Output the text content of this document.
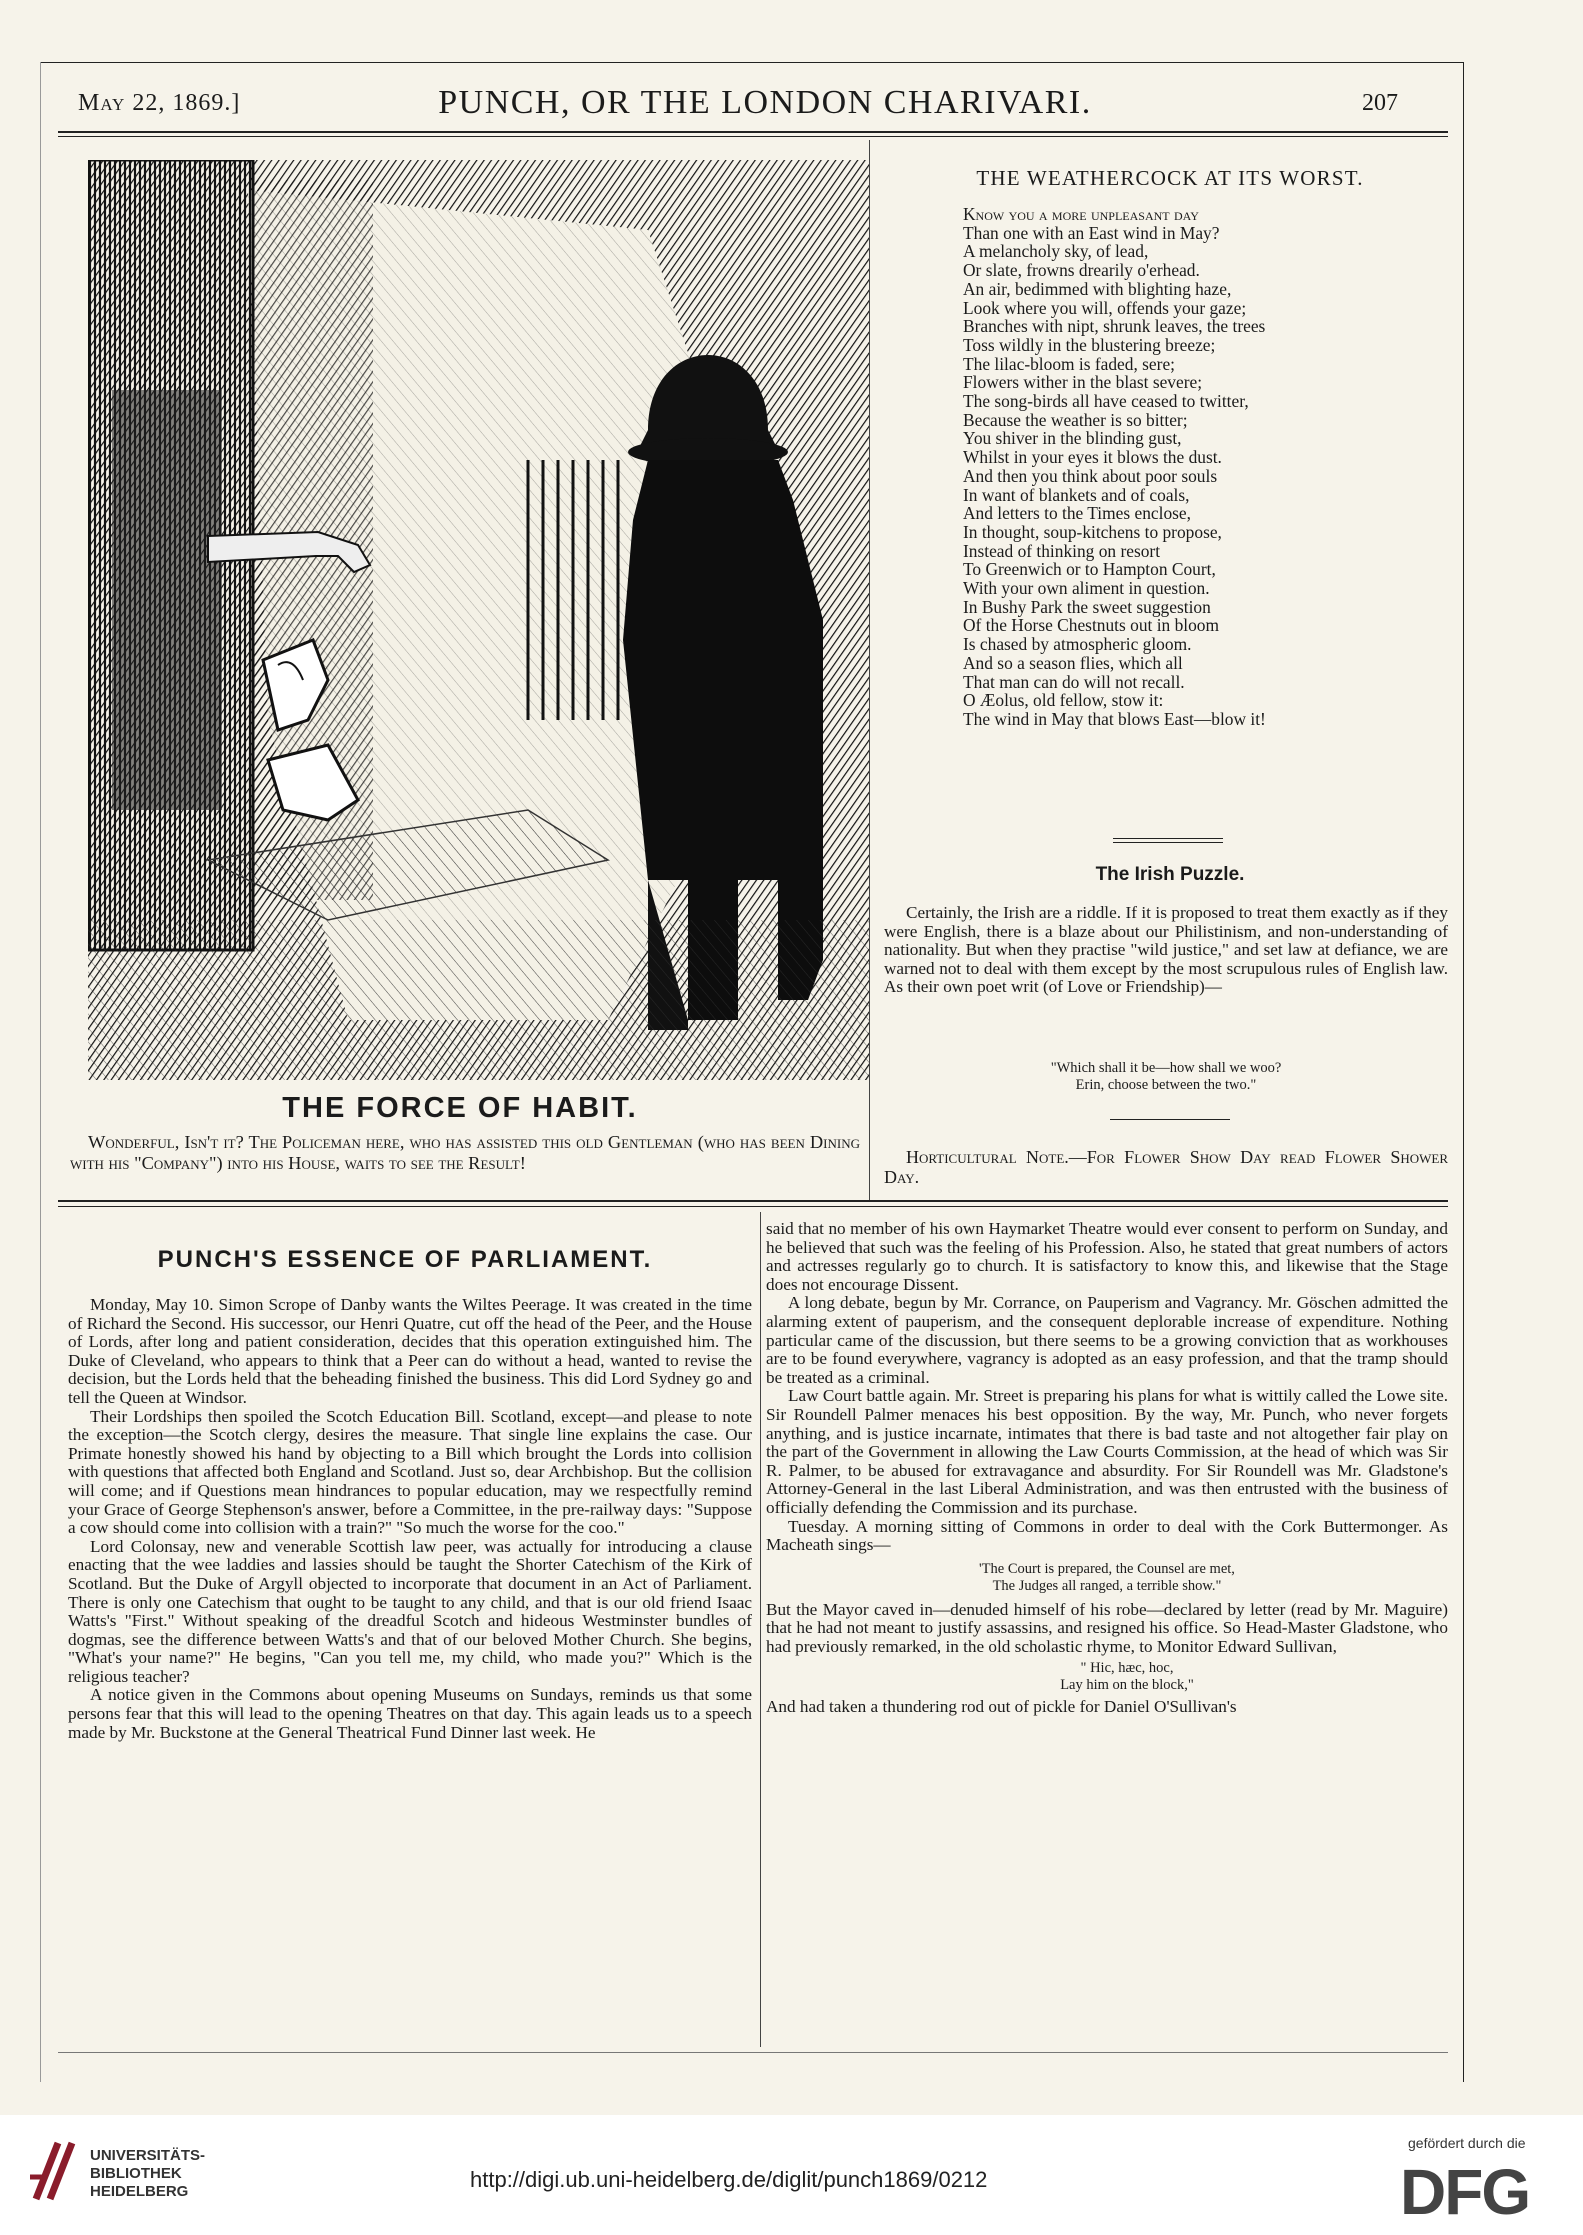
May 22, 1869.]	PUNCH, OR THE LONDON CHARIVARI.	207
THE FORCE OF HABIT.
Wonderful, Isn't it? The Policeman here, who has assisted this old Gentleman (who has been Dining with his "Company") into his House, waits to see the Result!
THE WEATHERCOCK AT ITS WORST.
Know you a more unpleasant day
Than one with an East wind in May?
A melancholy sky, of lead,
Or slate, frowns drearily o'erhead.
An air, bedimmed with blighting haze,
Look where you will, offends your gaze;
Branches with nipt, shrunk leaves, the trees
Toss wildly in the blustering breeze;
The lilac-bloom is faded, sere;
Flowers wither in the blast severe;
The song-birds all have ceased to twitter,
Because the weather is so bitter;
You shiver in the blinding gust,
Whilst in your eyes it blows the dust.
And then you think about poor souls
In want of blankets and of coals,
And letters to the Times enclose,
In thought, soup-kitchens to propose,
Instead of thinking on resort
To Greenwich or to Hampton Court,
With your own aliment in question.
In Bushy Park the sweet suggestion
Of the Horse Chestnuts out in bloom
Is chased by atmospheric gloom.
And so a season flies, which all
That man can do will not recall.
O Æolus, old fellow, stow it:
The wind in May that blows East—blow it!
The Irish Puzzle.

Certainly, the Irish are a riddle. If it is proposed to treat them exactly as if they were English, there is a blaze about our Philistinism, and non-understanding of nationality. But when they practise "wild justice," and set law at defiance, we are warned not to deal with them except by the most scrupulous rules of English law. As their own poet writ (of Love or Friendship)—

"Which shall it be—how shall we woo?
Erin, choose between the two."

Horticultural Note.—For Flower Show Day read Flower Shower Day.

PUNCH'S ESSENCE OF PARLIAMENT.

Monday, May 10. Simon Scrope of Danby wants the Wiltes Peerage. It was created in the time of Richard the Second. His successor, our Henri Quatre, cut off the head of the Peer, and the House of Lords, after long and patient consideration, decides that this operation extinguished him. The Duke of Cleveland, who appears to think that a Peer can do without a head, wanted to revise the decision, but the Lords held that the beheading finished the business. This did Lord Sydney go and tell the Queen at Windsor.

Their Lordships then spoiled the Scotch Education Bill. Scotland, except—and please to note the exception—the Scotch clergy, desires the measure. That single line explains the case. Our Primate honestly showed his hand by objecting to a Bill which brought the Lords into collision with questions that affected both England and Scotland. Just so, dear Archbishop. But the collision will come; and if Questions mean hindrances to popular education, may we respectfully remind your Grace of George Stephenson's answer, before a Committee, in the pre-railway days: "Suppose a cow should come into collision with a train?" "So much the worse for the coo."

Lord Colonsay, new and venerable Scottish law peer, was actually for introducing a clause enacting that the wee laddies and lassies should be taught the Shorter Catechism of the Kirk of Scotland. But the Duke of Argyll objected to incorporate that document in an Act of Parliament. There is only one Catechism that ought to be taught to any child, and that is our old friend Isaac Watts's "First." Without speaking of the dreadful Scotch and hideous Westminster bundles of dogmas, see the difference between Watts's and that of our beloved Mother Church. She begins, "What's your name?" He begins, "Can you tell me, my child, who made you?" Which is the religious teacher?

A notice given in the Commons about opening Museums on Sundays, reminds us that some persons fear that this will lead to the opening Theatres on that day. This again leads us to a speech made by Mr. Buckstone at the General Theatrical Fund Dinner last week. He

said that no member of his own Haymarket Theatre would ever consent to perform on Sunday, and he believed that such was the feeling of his Profession. Also, he stated that great numbers of actors and actresses regularly go to church. It is satisfactory to know this, and likewise that the Stage does not encourage Dissent.

A long debate, begun by Mr. Corrance, on Pauperism and Vagrancy. Mr. Göschen admitted the alarming extent of pauperism, and the consequent deplorable increase of expenditure. Nothing particular came of the discussion, but there seems to be a growing conviction that as workhouses are to be found everywhere, vagrancy is adopted as an easy profession, and that the tramp should be treated as a criminal.

Law Court battle again. Mr. Street is preparing his plans for what is wittily called the Lowe site. Sir Roundell Palmer menaces his best opposition. By the way, Mr. Punch, who never forgets anything, and is justice incarnate, intimates that there is bad taste and not altogether fair play on the part of the Government in allowing the Law Courts Commission, at the head of which was Sir R. Palmer, to be abused for extravagance and absurdity. For Sir Roundell was Mr. Gladstone's Attorney-General in the last Liberal Administration, and was then entrusted with the business of officially defending the Commission and its purchase.

Tuesday. A morning sitting of Commons in order to deal with the Cork Buttermonger. As Macheath sings—

'The Court is prepared, the Counsel are met,
The Judges all ranged, a terrible show."

But the Mayor caved in—denuded himself of his robe—declared by letter (read by Mr. Maguire) that he had not meant to justify assassins, and resigned his office. So Head-Master Gladstone, who had previously remarked, in the old scholastic rhyme, to Monitor Edward Sullivan,

" Hic, hæc, hoc,
Lay him on the block,"

And had taken a thundering rod out of pickle for Daniel O'Sullivan's

UNIVERSITÄTS-
BIBLIOTHEK
HEIDELBERG	http://digi.ub.uni-heidelberg.de/diglit/punch1869/0212
gefördert durch die
DFG
